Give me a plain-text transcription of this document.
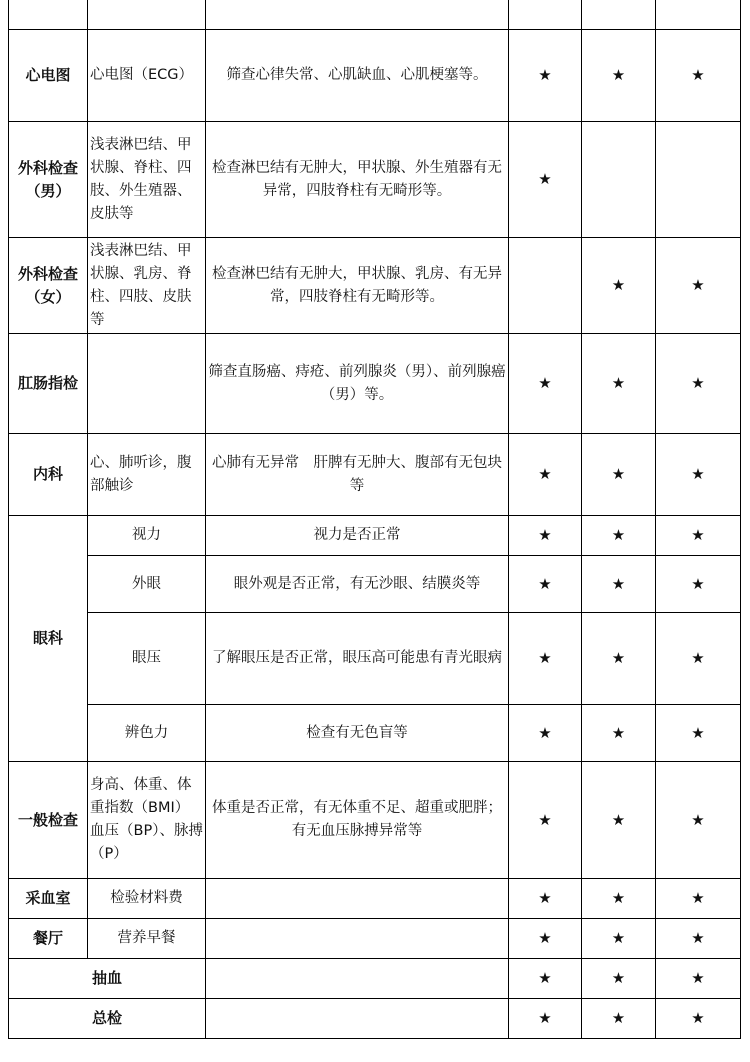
心电图	心电图（ECG）	筛查心律失常、心肌缺血、心肌梗塞等。	★	★	★
外科检查（男）	浅表淋巴结、甲状腺、脊柱、四肢、外生殖器、皮肤等	检查淋巴结有无肿大，甲状腺、外生殖器有无异常，四肢脊柱有无畸形等。	★		
外科检查（女）	浅表淋巴结、甲状腺、乳房、脊柱、四肢、皮肤等	检查淋巴结有无肿大，甲状腺、乳房、有无异常，四肢脊柱有无畸形等。		★	★
肛肠指检		筛查直肠癌、痔疮、前列腺炎（男）、前列腺癌（男）等。	★	★	★
内科	心、肺听诊，腹部触诊	心肺有无异常　肝脾有无肿大、腹部有无包块等	★	★	★
眼科	视力	视力是否正常	★	★	★
	外眼	眼外观是否正常，有无沙眼、结膜炎等	★	★	★
	眼压	了解眼压是否正常，眼压高可能患有青光眼病	★	★	★
	辨色力	检查有无色盲等	★	★	★
一般检查	身高、体重、体重指数（BMI）血压（BP）、脉搏（P）	体重是否正常，有无体重不足、超重或肥胖；有无血压脉搏异常等	★	★	★
采血室	检验材料费		★	★	★
餐厅	营养早餐		★	★	★
抽血			★	★	★
总检			★	★	★
